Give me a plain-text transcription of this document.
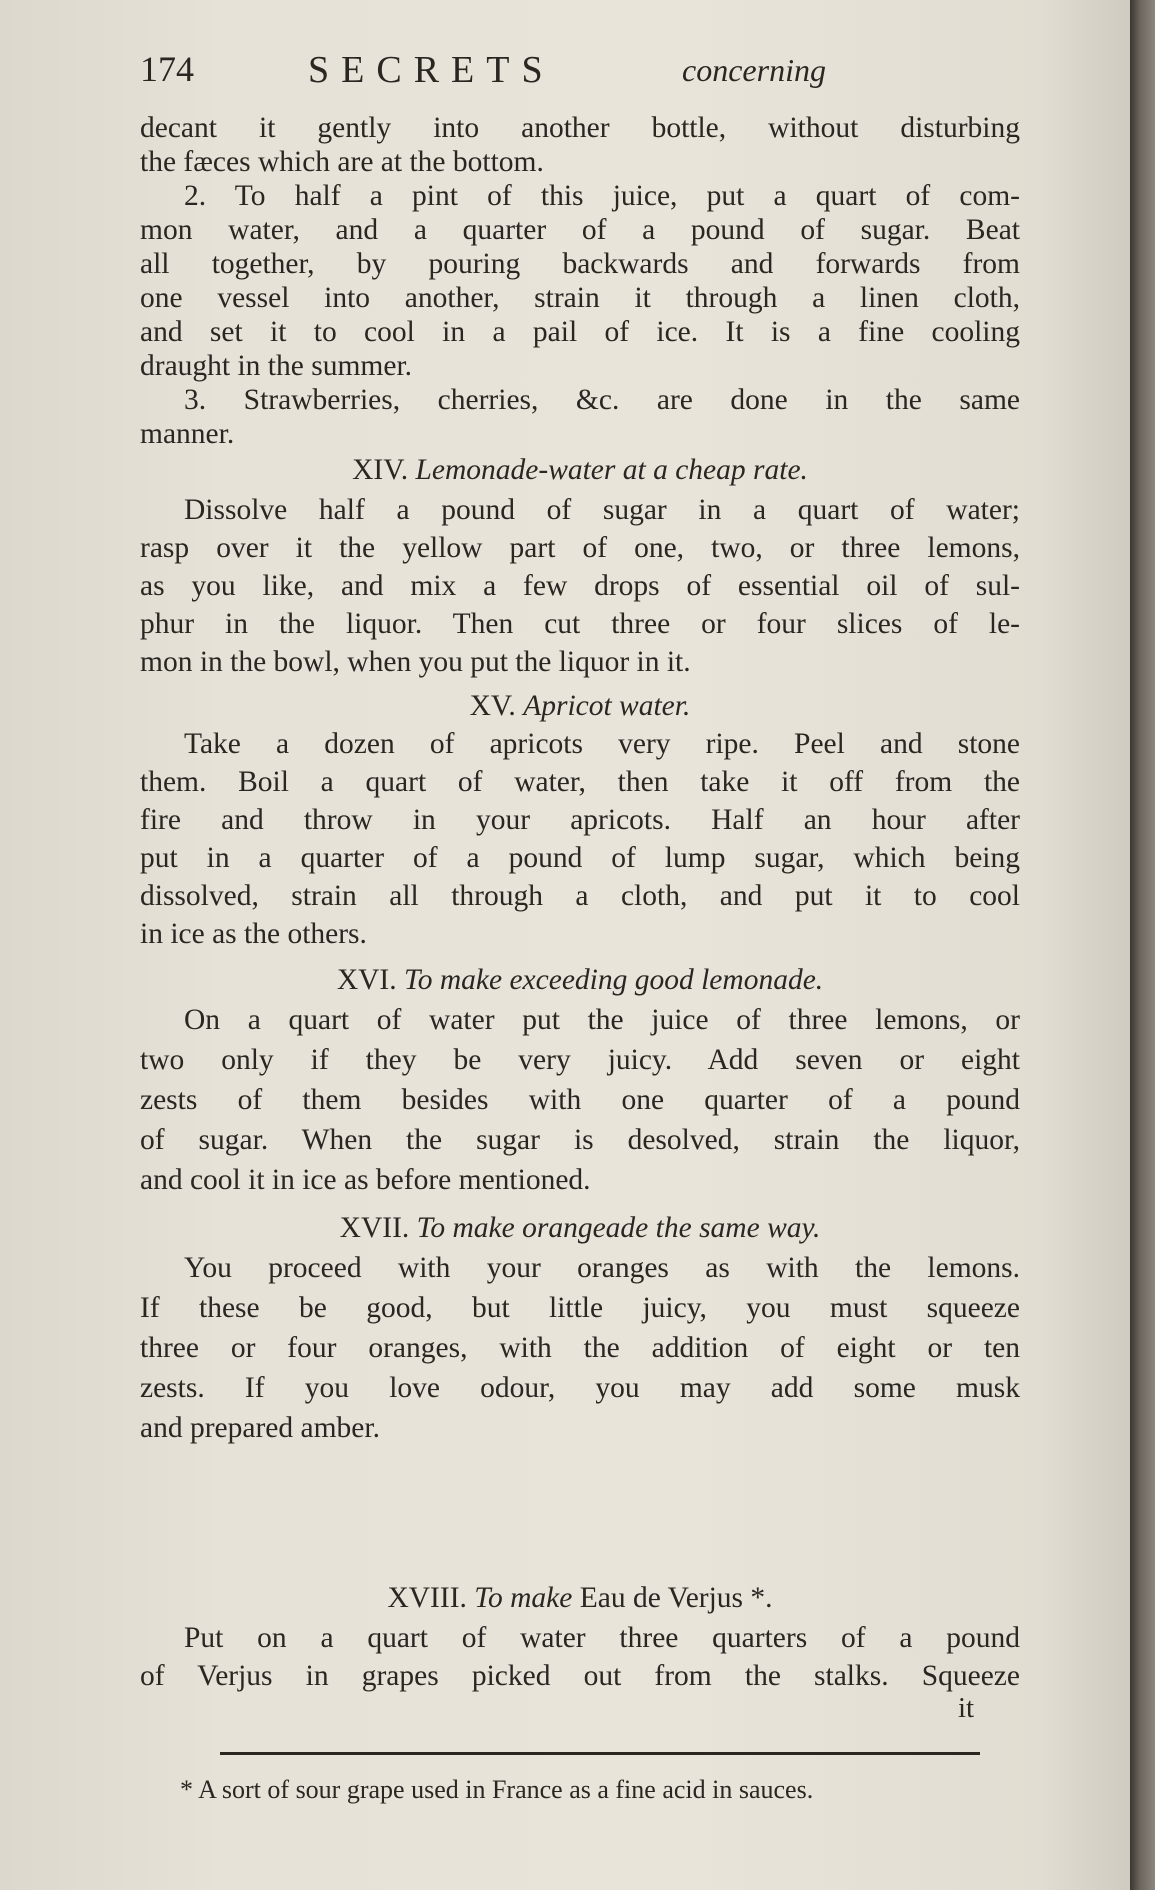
174	SECRETS	concerning
decant it gently into another bottle, without disturbing
the fæces which are at the bottom.
2. To half a pint of this juice, put a quart of com-
mon water, and a quarter of a pound of sugar. Beat
all together, by pouring backwards and forwards from
one vessel into another, strain it through a linen cloth,
and set it to cool in a pail of ice. It is a fine cooling
draught in the summer.
3. Strawberries, cherries, &c. are done in the same
manner.
XIV. Lemonade-water at a cheap rate.
Dissolve half a pound of sugar in a quart of water;
rasp over it the yellow part of one, two, or three lemons,
as you like, and mix a few drops of essential oil of sul-
phur in the liquor. Then cut three or four slices of le-
mon in the bowl, when you put the liquor in it.
XV. Apricot water.
Take a dozen of apricots very ripe. Peel and stone
them. Boil a quart of water, then take it off from the
fire and throw in your apricots. Half an hour after
put in a quarter of a pound of lump sugar, which being
dissolved, strain all through a cloth, and put it to cool
in ice as the others.
XVI. To make exceeding good lemonade.
On a quart of water put the juice of three lemons, or
two only if they be very juicy. Add seven or eight
zests of them besides with one quarter of a pound
of sugar. When the sugar is desolved, strain the liquor,
and cool it in ice as before mentioned.
XVII. To make orangeade the same way.
You proceed with your oranges as with the lemons.
If these be good, but little juicy, you must squeeze
three or four oranges, with the addition of eight or ten
zests. If you love odour, you may add some musk
and prepared amber.
XVIII. To make Eau de Verjus *.
Put on a quart of water three quarters of a pound
of Verjus in grapes picked out from the stalks. Squeeze
it
* A sort of sour grape used in France as a fine acid in sauces.
